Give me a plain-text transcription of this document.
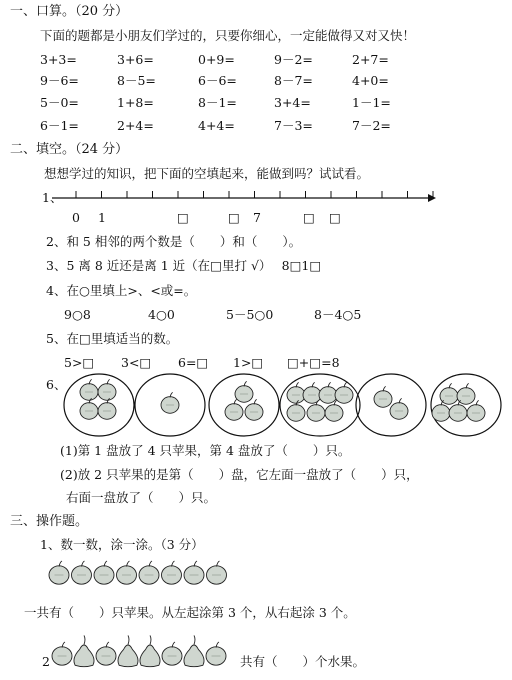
一、口算。（20 分）
下面的题都是小朋友们学过的，只要你细心，一定能做得又对又快！
3+3=	3+6=	0+9=	9－2=	2+7=
9－6=	8－5=	6－6=	8－7=	4+0=
5－0=	1+8=	8－1=	3+4=	1－1=
6－1=	2+4=	4+4=	7－3=	7－2=
二、填空。（24 分）
想想学过的知识，把下面的空填起来，能做到吗？试试看。
1、
0 1	□	□ 7	□ □
2、和 5 相邻的两个数是（　　）和（　　）。
3、5 离 8 近还是离 1 近（在□里打 √）　 8□1□
4、在○里填上>、<或=。
9○8	4○0	5－5○0	8－4○5
5、在□里填适当的数。
5>□ 3<□ 6=□ 1>□ □+□=8
6、
(1)第 1 盘放了 4 只苹果，第 4 盘放了（　　）只。
(2)放 2 只苹果的是第（　　）盘，它左面一盘放了（　　）只，
右面一盘放了（　　）只。
三、操作题。
1、数一数，涂一涂。（3 分）
一共有（　　）只苹果。从左起涂第 3 个，从右起涂 3 个。
2	共有（　　）个水果。
